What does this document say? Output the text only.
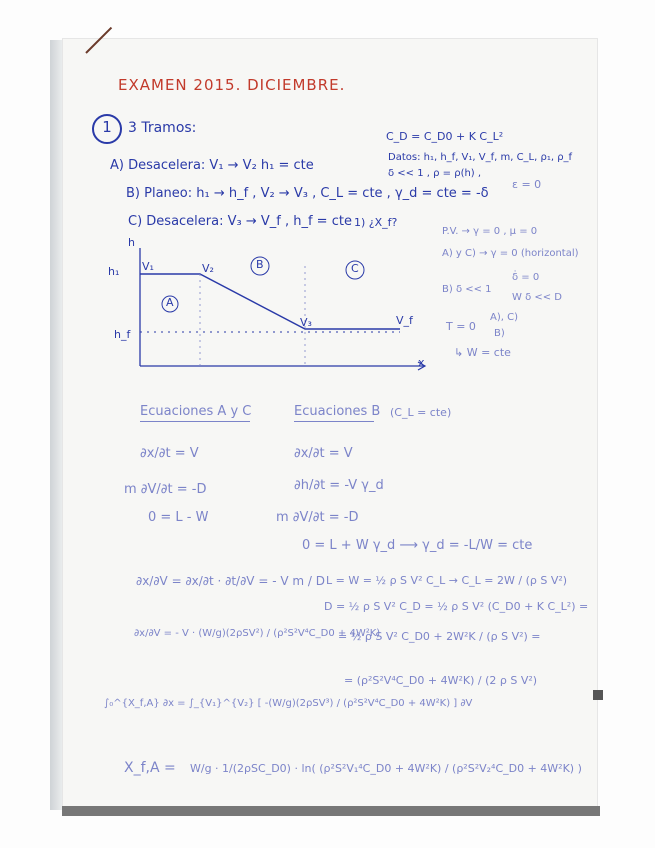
EXAMEN 2015. DICIEMBRE.
1	3 Tramos:
A) Desacelera: V₁ → V₂ h₁ = cte
B) Planeo: h₁ → h_f , V₂ → V₃ , C_L = cte , γ_d = cte = -δ
C) Desacelera: V₃ → V_f , h_f = cte 1) ¿X_f?
C_D = C_D0 + K C_L²
Datos: h₁, h_f, V₁, V_f, m, C_L, ρ₁, ρ_f
δ << 1 , ρ = ρ(h) ,
ε = 0
P.V. → γ = 0 , μ = 0
A) y C) → γ = 0 (horizontal)
B) δ << 1
δ̇ = 0
W δ << D
T = 0
A), C)
B)
↳ W = cte
h
x
h₁
h_f
V₁	V₂
V₃	V_f
A
B	C
Ecuaciones A y C	Ecuaciones B (C_L = cte)
∂x/∂t = V
m ∂V/∂t = -D
0 = L - W
∂x/∂t = V
∂h/∂t = -V γ_d
m ∂V/∂t = -D
0 = L + W γ_d ⟶ γ_d = -L/W = cte
∂x/∂V = ∂x/∂t · ∂t/∂V = - V m / D
∂x/∂V = - V · (W/g)(2ρSV²) / (ρ²S²V⁴C_D0 + 4W²K)
L = W = ½ ρ S V² C_L → C_L = 2W / (ρ S V²)
D = ½ ρ S V² C_D = ½ ρ S V² (C_D0 + K C_L²) =
= ½ ρ S V² C_D0 + 2W²K / (ρ S V²) =
= (ρ²S²V⁴C_D0 + 4W²K) / (2 ρ S V²)
∫₀^{X_f,A} ∂x = ∫_{V₁}^{V₂} [ -(W/g)(2ρSV³) / (ρ²S²V⁴C_D0 + 4W²K) ] ∂V
X_f,A = W/g · 1/(2ρSC_D0) · ln( (ρ²S²V₁⁴C_D0 + 4W²K) / (ρ²S²V₂⁴C_D0 + 4W²K) )
